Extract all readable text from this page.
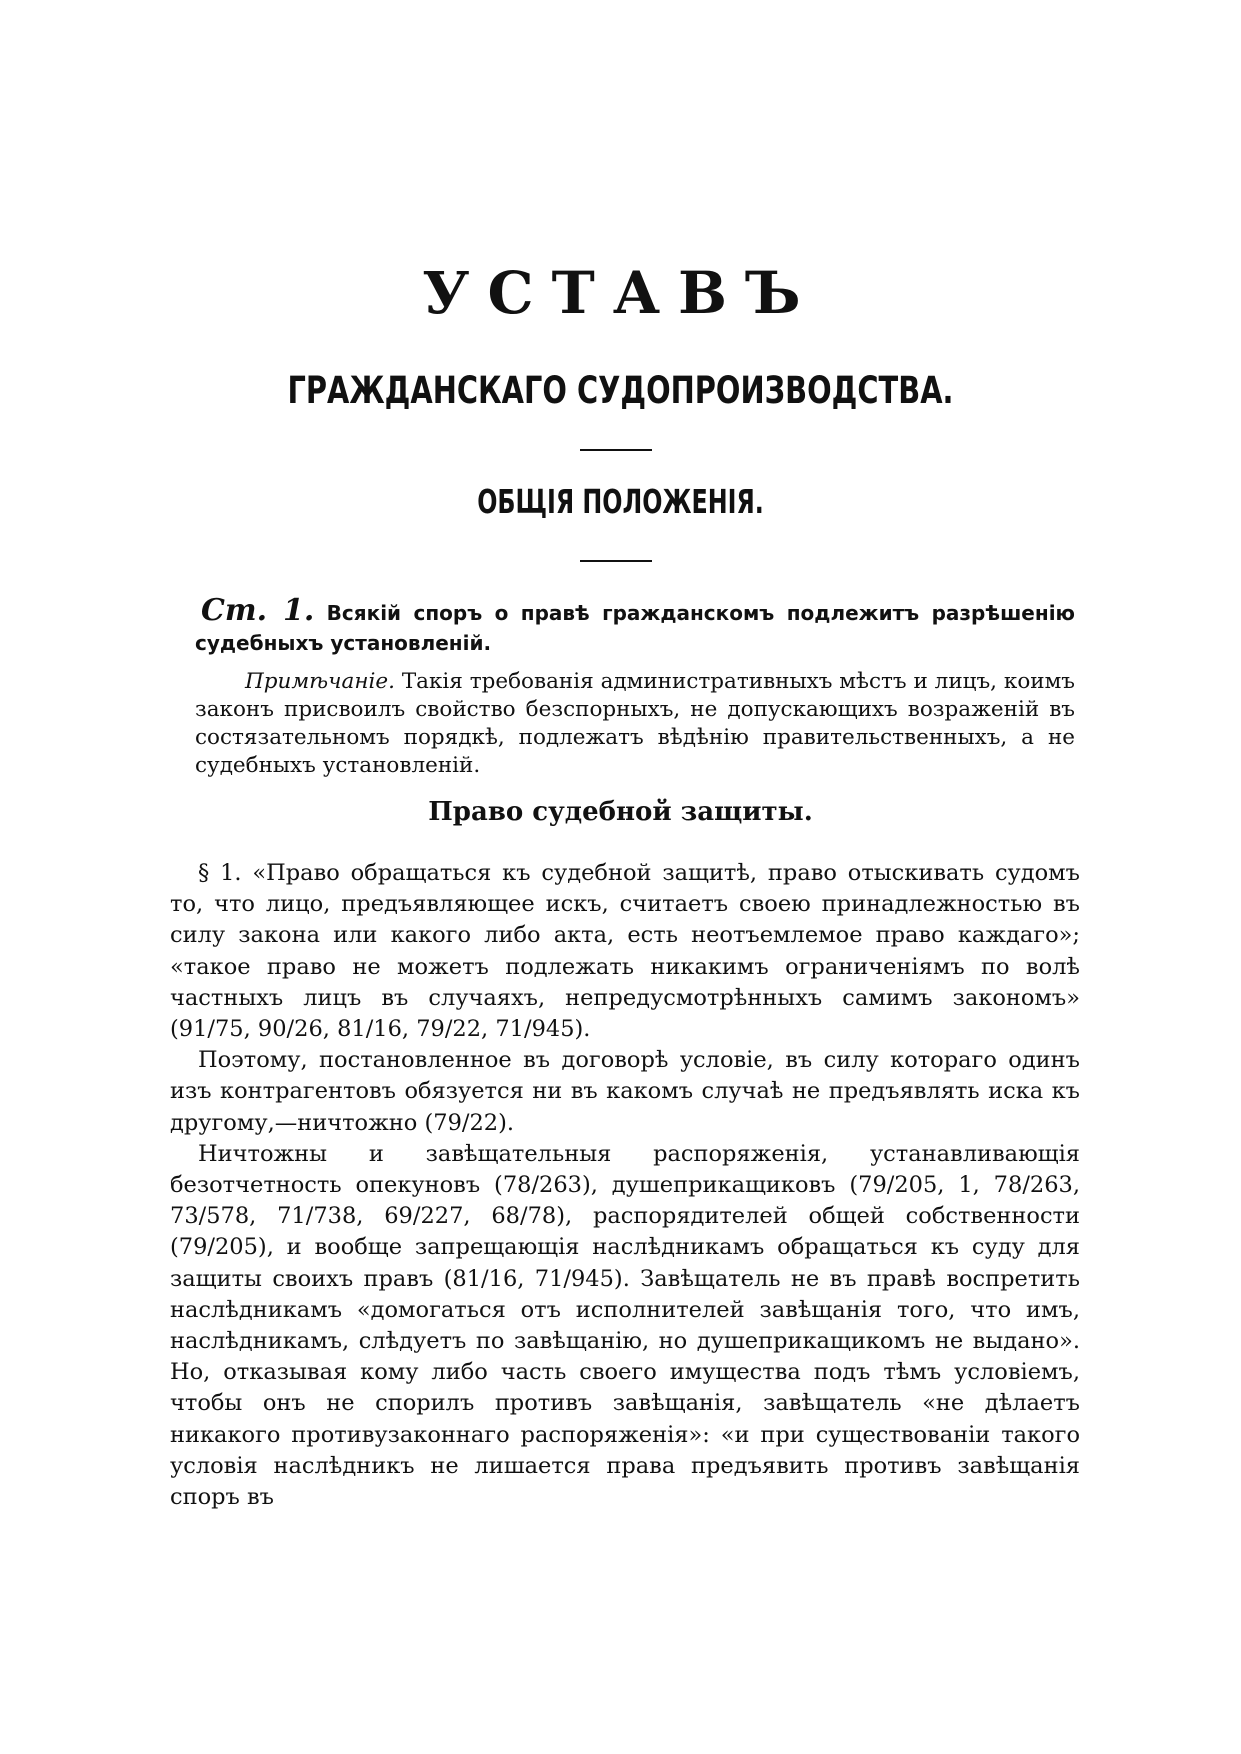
УСТАВЪ
ГРАЖДАНСКАГО СУДОПРОИЗВОДСТВА.
ОБЩІЯ ПОЛОЖЕНІЯ.

Ст. 1. Всякій споръ о правѣ гражданскомъ подлежитъ разрѣшенію судебныхъ установленій.

Примѣчаніе. Такія требованія административныхъ мѣстъ и лицъ, коимъ законъ присвоилъ свойство безспорныхъ, не допускающихъ возраженій въ состязательномъ порядкѣ, подлежатъ вѣдѣнію правительственныхъ, а не судебныхъ установленій.

Право судебной защиты.

§ 1. «Право обращаться къ судебной защитѣ, право отыскивать судомъ то, что лицо, предъявляющее искъ, считаетъ своею принадлежностью въ силу закона или какого либо акта, есть неотъемлемое право каждаго»; «такое право не можетъ подлежать никакимъ ограниченіямъ по волѣ частныхъ лицъ въ случаяхъ, непредусмотрѣнныхъ самимъ закономъ» (91/75, 90/26, 81/16, 79/22, 71/945).

Поэтому, постановленное въ договорѣ условіе, въ силу котораго одинъ изъ контрагентовъ обязуется ни въ какомъ случаѣ не предъявлять иска къ другому,—ничтожно (79/22).

Ничтожны и завѣщательныя распоряженія, устанавливающія безотчетность опекуновъ (78/263), душеприкащиковъ (79/205, 1, 78/263, 73/578, 71/738, 69/227, 68/78), распорядителей общей собственности (79/205), и вообще запрещающія наслѣдникамъ обращаться къ суду для защиты своихъ правъ (81/16, 71/945). Завѣщатель не въ правѣ воспретить наслѣдникамъ «домогаться отъ исполнителей завѣщанія того, что имъ, наслѣдникамъ, слѣдуетъ по завѣщанію, но душеприкащикомъ не выдано». Но, отказывая кому либо часть своего имущества подъ тѣмъ условіемъ, чтобы онъ не спорилъ противъ завѣщанія, завѣщатель «не дѣлаетъ никакого противузаконнаго распоряженія»: «и при существованіи такого условія наслѣдникъ не лишается права предъявить противъ завѣщанія споръ въ
